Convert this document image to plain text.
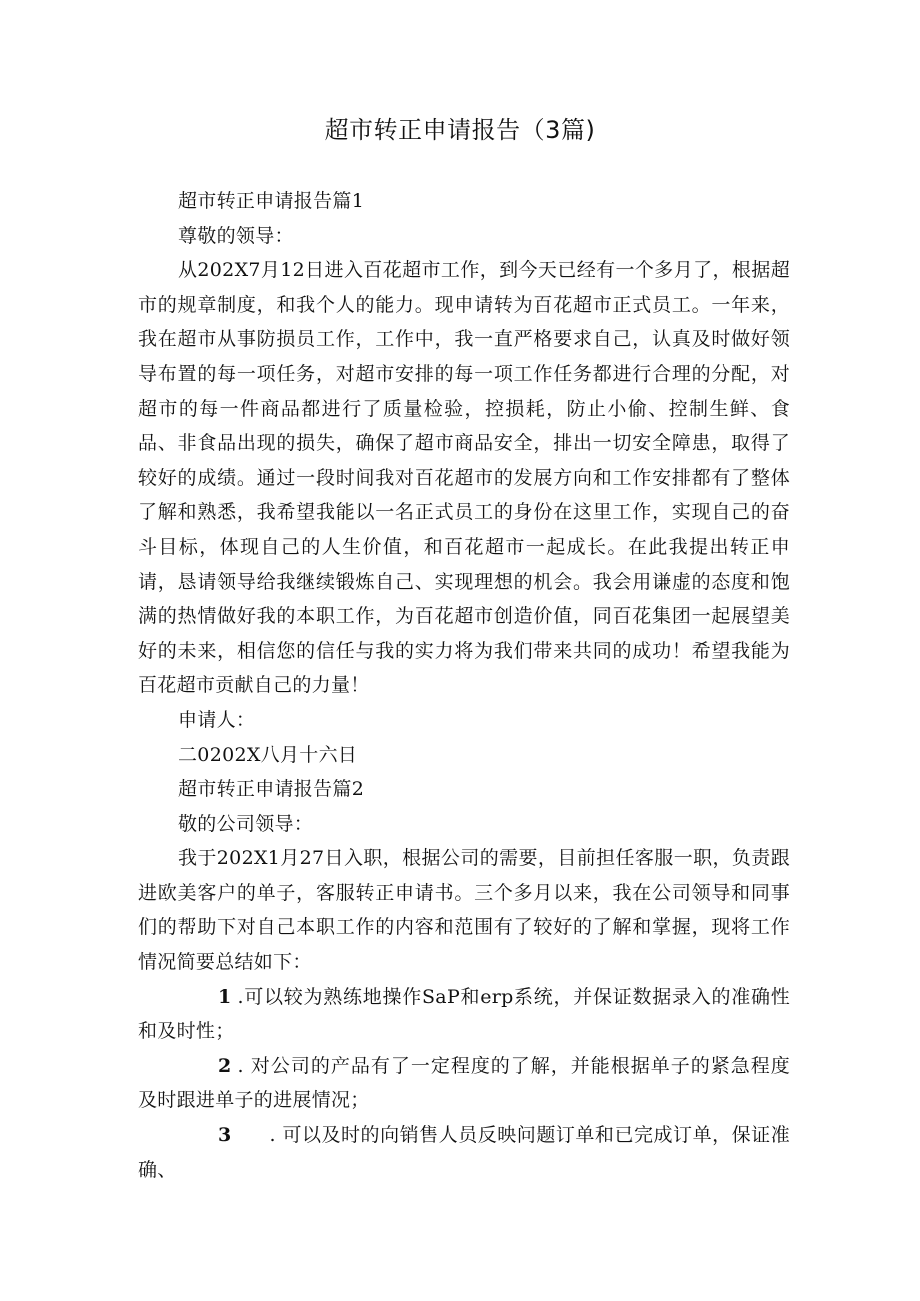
超市转正申请报告（3篇)

超市转正申请报告篇1

尊敬的领导：

从202X7月12日进入百花超市工作，到今天已经有一个多月了，根据超市的规章制度，和我个人的能力。现申请转为百花超市正式员工。一年来，我在超市从事防损员工作，工作中，我一直严格要求自己，认真及时做好领导布置的每一项任务，对超市安排的每一项工作任务都进行合理的分配，对超市的每一件商品都进行了质量检验，控损耗，防止小偷、控制生鲜、食品、非食品出现的损失，确保了超市商品安全，排出一切安全障患，取得了较好的成绩。通过一段时间我对百花超市的发展方向和工作安排都有了整体了解和熟悉，我希望我能以一名正式员工的身份在这里工作，实现自己的奋斗目标，体现自己的人生价值，和百花超市一起成长。在此我提出转正申请，恳请领导给我继续锻炼自己、实现理想的机会。我会用谦虚的态度和饱满的热情做好我的本职工作，为百花超市创造价值，同百花集团一起展望美好的未来，相信您的信任与我的实力将为我们带来共同的成功！希望我能为百花超市贡献自己的力量！

申请人：

二0202X八月十六日

超市转正申请报告篇2

敬的公司领导：

我于202X1月27日入职，根据公司的需要，目前担任客服一职，负责跟进欧美客户的单子，客服转正申请书。三个多月以来，我在公司领导和同事们的帮助下对自己本职工作的内容和范围有了较好的了解和掌握，现将工作情况简要总结如下：

1 .可以较为熟练地操作SaP和erp系统，并保证数据录入的准确性和及时性；

2 . 对公司的产品有了一定程度的了解，并能根据单子的紧急程度及时跟进单子的进展情况；

3 . 可以及时的向销售人员反映问题订单和已完成订单，保证准确、
